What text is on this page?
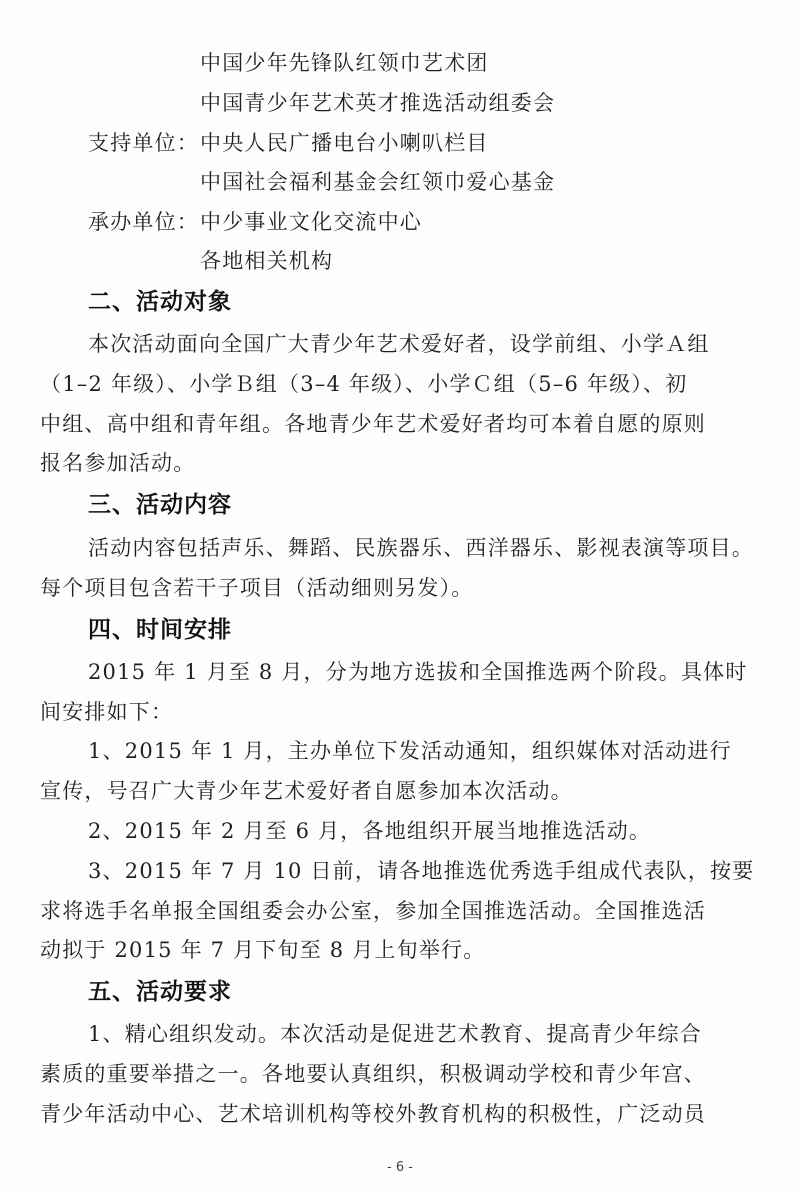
中国少年先锋队红领巾艺术团
中国青少年艺术英才推选活动组委会
支持单位： 中央人民广播电台小喇叭栏目
中国社会福利基金会红领巾爱心基金
承办单位： 中少事业文化交流中心
各地相关机构
二、活动对象
本次活动面向全国广大青少年艺术爱好者，设学前组、小学Ａ组
（1–2 年级）、小学Ｂ组（3–4 年级）、小学Ｃ组（5–6 年级）、初
中组、高中组和青年组。各地青少年艺术爱好者均可本着自愿的原则
报名参加活动。
三、活动内容
活动内容包括声乐、舞蹈、民族器乐、西洋器乐、影视表演等项目。
每个项目包含若干子项目（活动细则另发）。
四、时间安排
2015 年 1 月至 8 月，分为地方选拔和全国推选两个阶段。具体时
间安排如下：
1、2015 年 1 月，主办单位下发活动通知，组织媒体对活动进行
宣传，号召广大青少年艺术爱好者自愿参加本次活动。
2、2015 年 2 月至 6 月，各地组织开展当地推选活动。
3、2015 年 7 月 10 日前，请各地推选优秀选手组成代表队，按要
求将选手名单报全国组委会办公室，参加全国推选活动。全国推选活
动拟于 2015 年 7 月下旬至 8 月上旬举行。
五、活动要求
1、精心组织发动。本次活动是促进艺术教育、提高青少年综合
素质的重要举措之一。各地要认真组织，积极调动学校和青少年宫、
青少年活动中心、艺术培训机构等校外教育机构的积极性，广泛动员
- 6 -
